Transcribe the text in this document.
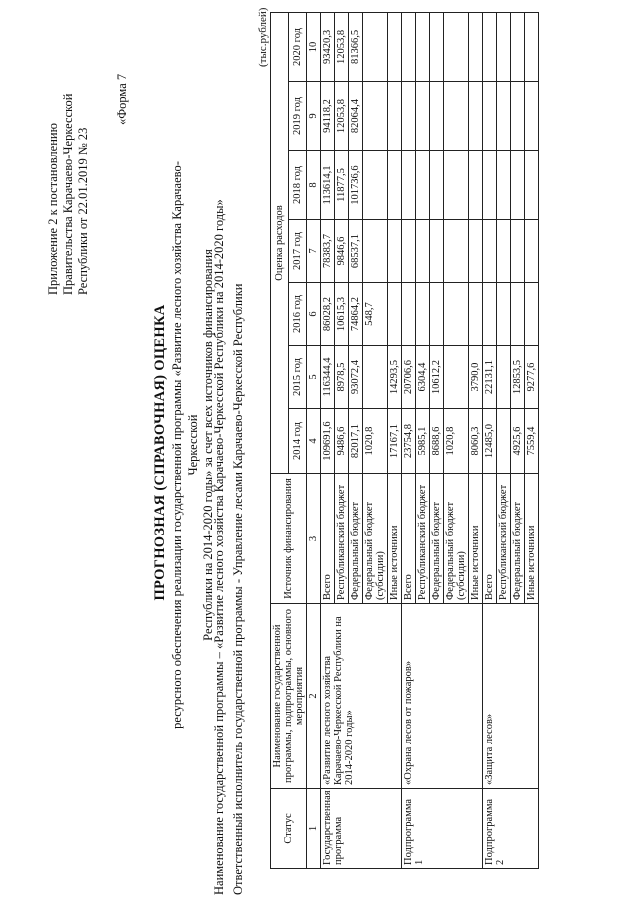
Приложение 2 к постановлению Правительства Карачаево-Черкесской Республики от 22.01.2019 № 23
«Форма 7
ПРОГНОЗНАЯ (СПРАВОЧНАЯ) ОЦЕНКА ресурсного обеспечения реализации государственной программы «Развитие лесного хозяйства Карачаево-Черкесской Республики на 2014-2020 годы» за счет всех источников финансирования
Наименование государственной программы – «Развитие лесного хозяйства Карачаево-Черкесской Республики на 2014-2020 годы» Ответственный исполнитель государственной программы - Управление лесами Карачаево-Черкесской Республики
(тыс.рублей)
Статус	Наименование государственной программы, подпрограммы, основного мероприятия	Источник финансирования	Оценка расходов						
			2014 год	2015 год	2016 год	2017 год	2018 год	2019 год	2020 год
1	2	3	4	5	6	7	8	9	10
Государственная программа	«Развитие лесного хозяйства Карачаево-Черкесской Республики на 2014-2020 годы»	Всего	109691,6	116344,4	86028,2	78383,7	113614,1	94118,2	93420,3
		Республиканский бюджет	9486,6	8978,5	10615,3	9846,6	11877,5	12053,8	12053,8
		Федеральный бюджет	82017,1	93072,4	74864,2	68537,1	101736,6	82064,4	81366,5
		Федеральный бюджет (субсидии)	1020,8		548,7				
		Иные источники	17167,1	14293,5					
Подпрограмма 1	«Охрана лесов от пожаров»	Всего	23754,8	20706,6					
		Республиканский бюджет	5985,1	6304,4					
		Федеральный бюджет	8688,6	10612,2					
		Федеральный бюджет (субсидии)	1020,8						
		Иные источники	8060,3	3790,0					
Подпрограмма 2	«Защита лесов»	Всего	12485,0	22131,1					
		Республиканский бюджет							
		Федеральный бюджет	4925,6	12853,5					
		Иные источники	7559,4	9277,6					
